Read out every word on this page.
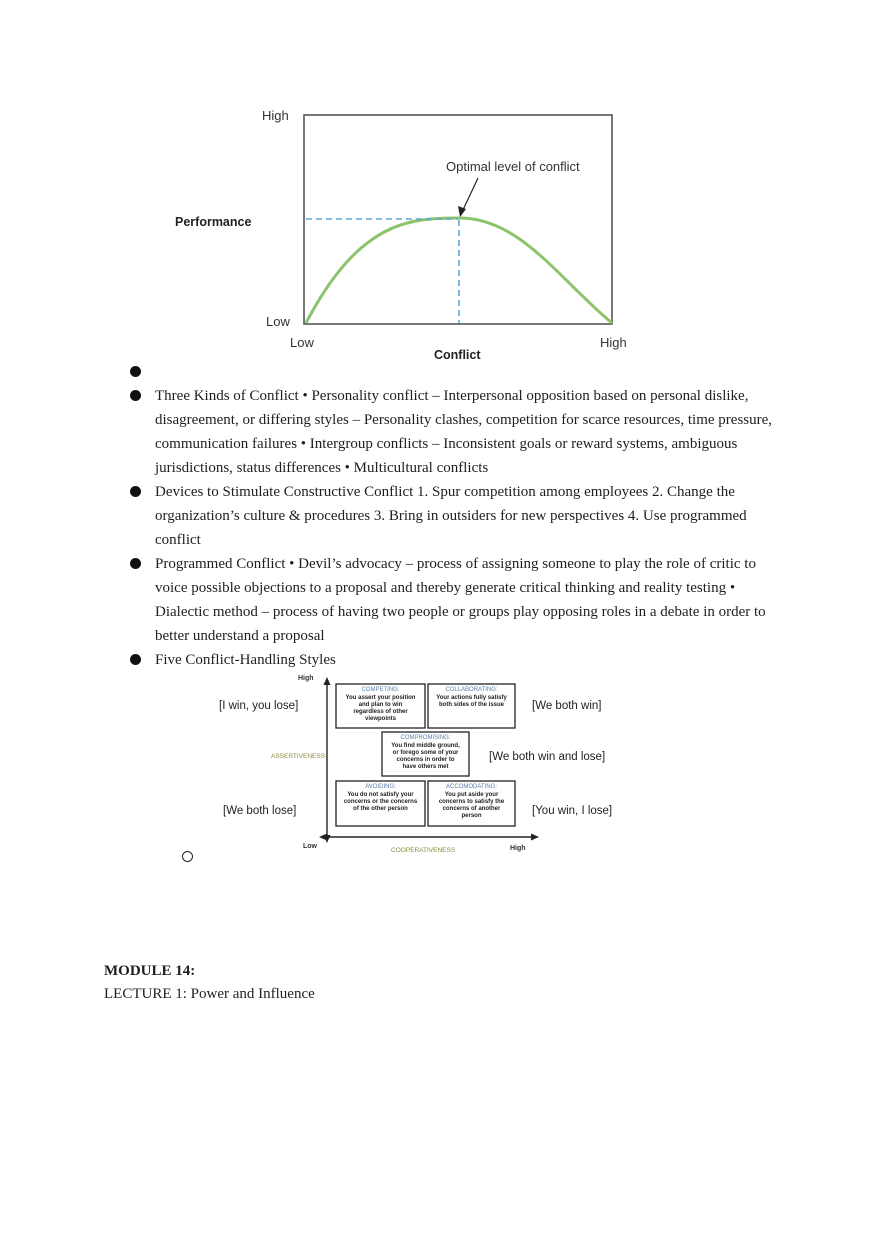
High
Performance
Low
Low	High
Conflict
Optimal level of conflict
Three Kinds of Conflict • Personality conflict – Interpersonal opposition based on personal dislike, disagreement, or differing styles – Personality clashes, competition for scarce resources, time pressure, communication failures • Intergroup conflicts – Inconsistent goals or reward systems, ambiguous jurisdictions, status differences • Multicultural conflicts
Devices to Stimulate Constructive Conflict 1. Spur competition among employees 2. Change the organization’s culture & procedures 3. Bring in outsiders for new perspectives 4. Use programmed conflict
Programmed Conflict • Devil’s advocacy – process of assigning someone to play the role of critic to voice possible objections to a proposal and thereby generate critical thinking and reality testing • Dialectic method – process of having two people or groups play opposing roles in a debate in order to better understand a proposal
Five Conflict-Handling Styles
High
ASSERTIVENESS
Low
COOPERATIVENESS	High
[I win, you lose]	[We both win]
[We both win and lose]
[We both lose]	[You win, I lose]
COMPETING:
You assert your position
and plan to win
regardless of other
viewpoints
COLLABORATING:
Your actions fully satisfy
both sides of the issue
COMPROMISING:
You find middle ground,
or forego some of your
concerns in order to
have others met
AVOIDING:
You do not satisfy your
concerns or the concerns
of the other person
ACCOMODATING:
You put aside your
concerns to satisfy the
concerns of another
person
MODULE 14:
LECTURE 1: Power and Influence
